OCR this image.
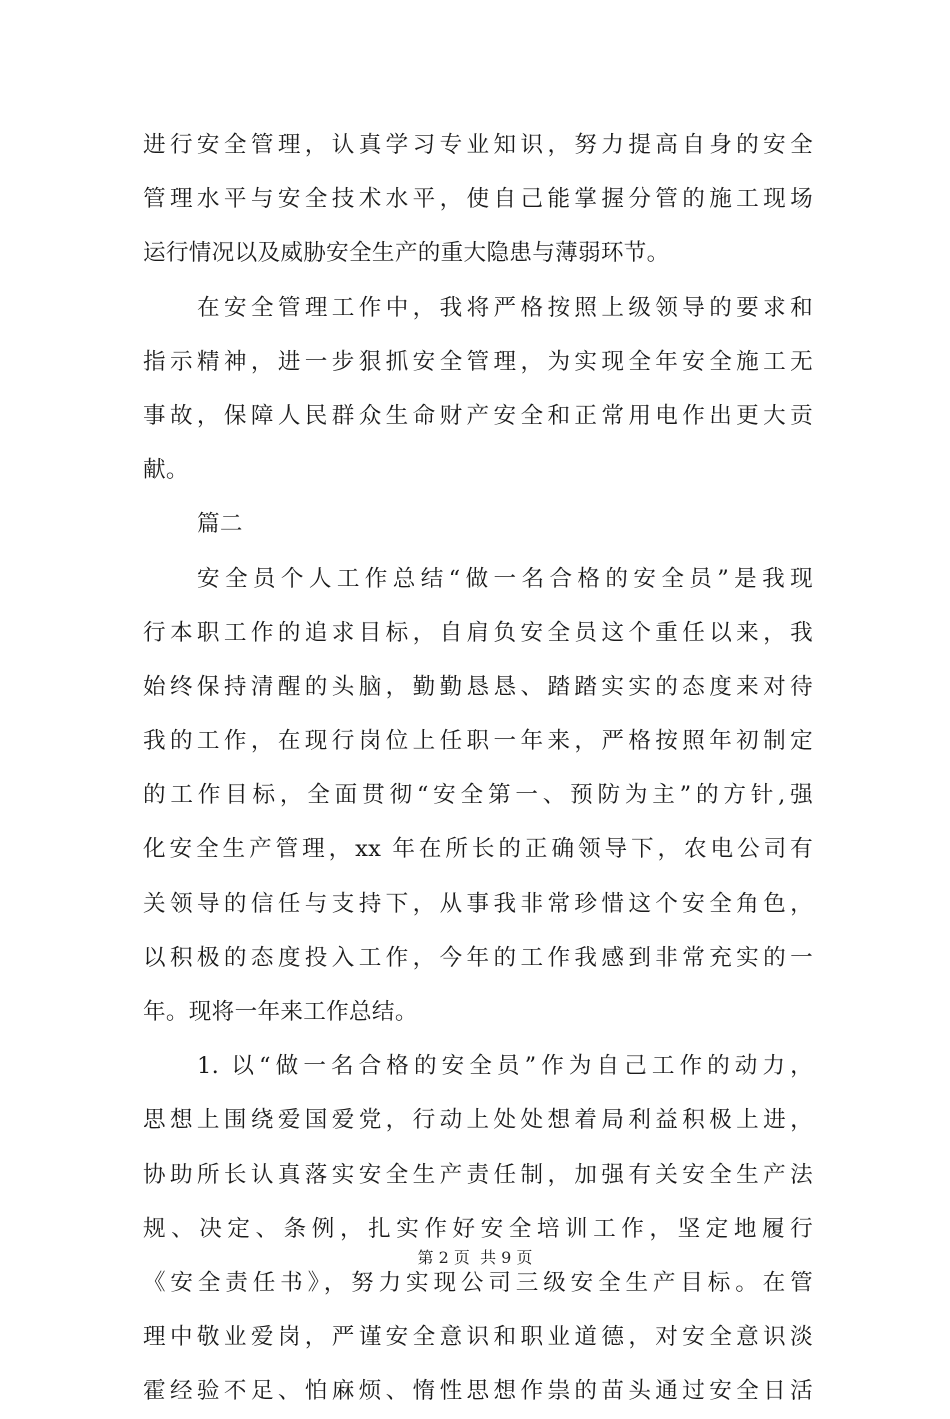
进行安全管理，认真学习专业知识，努力提高自身的安全
管理水平与安全技术水平，使自己能掌握分管的施工现场
运行情况以及威胁安全生产的重大隐患与薄弱环节。
在安全管理工作中，我将严格按照上级领导的要求和
指示精神，进一步狠抓安全管理，为实现全年安全施工无
事故，保障人民群众生命财产安全和正常用电作出更大贡
献。
篇二
安全员个人工作总结“做一名合格的安全员”是我现
行本职工作的追求目标，自肩负安全员这个重任以来，我
始终保持清醒的头脑，勤勤恳恳、踏踏实实的态度来对待
我的工作，在现行岗位上任职一年来，严格按照年初制定
的工作目标，全面贯彻“安全第一、预防为主”的方针,强
化安全生产管理，xx 年在所长的正确领导下，农电公司有
关领导的信任与支持下，从事我非常珍惜这个安全角色，
以积极的态度投入工作，今年的工作我感到非常充实的一
年。现将一年来工作总结。
1. 以“做一名合格的安全员”作为自己工作的动力，
思想上围绕爱国爱党，行动上处处想着局利益积极上进，
协助所长认真落实安全生产责任制，加强有关安全生产法
规、决定、条例，扎实作好安全培训工作，坚定地履行
《安全责任书》，努力实现公司三级安全生产目标。在管
理中敬业爱岗，严谨安全意识和职业道德，对安全意识淡
霍经验不足、怕麻烦、惰性思想作祟的苗头通过安全日活
第 2 页  共 9 页
